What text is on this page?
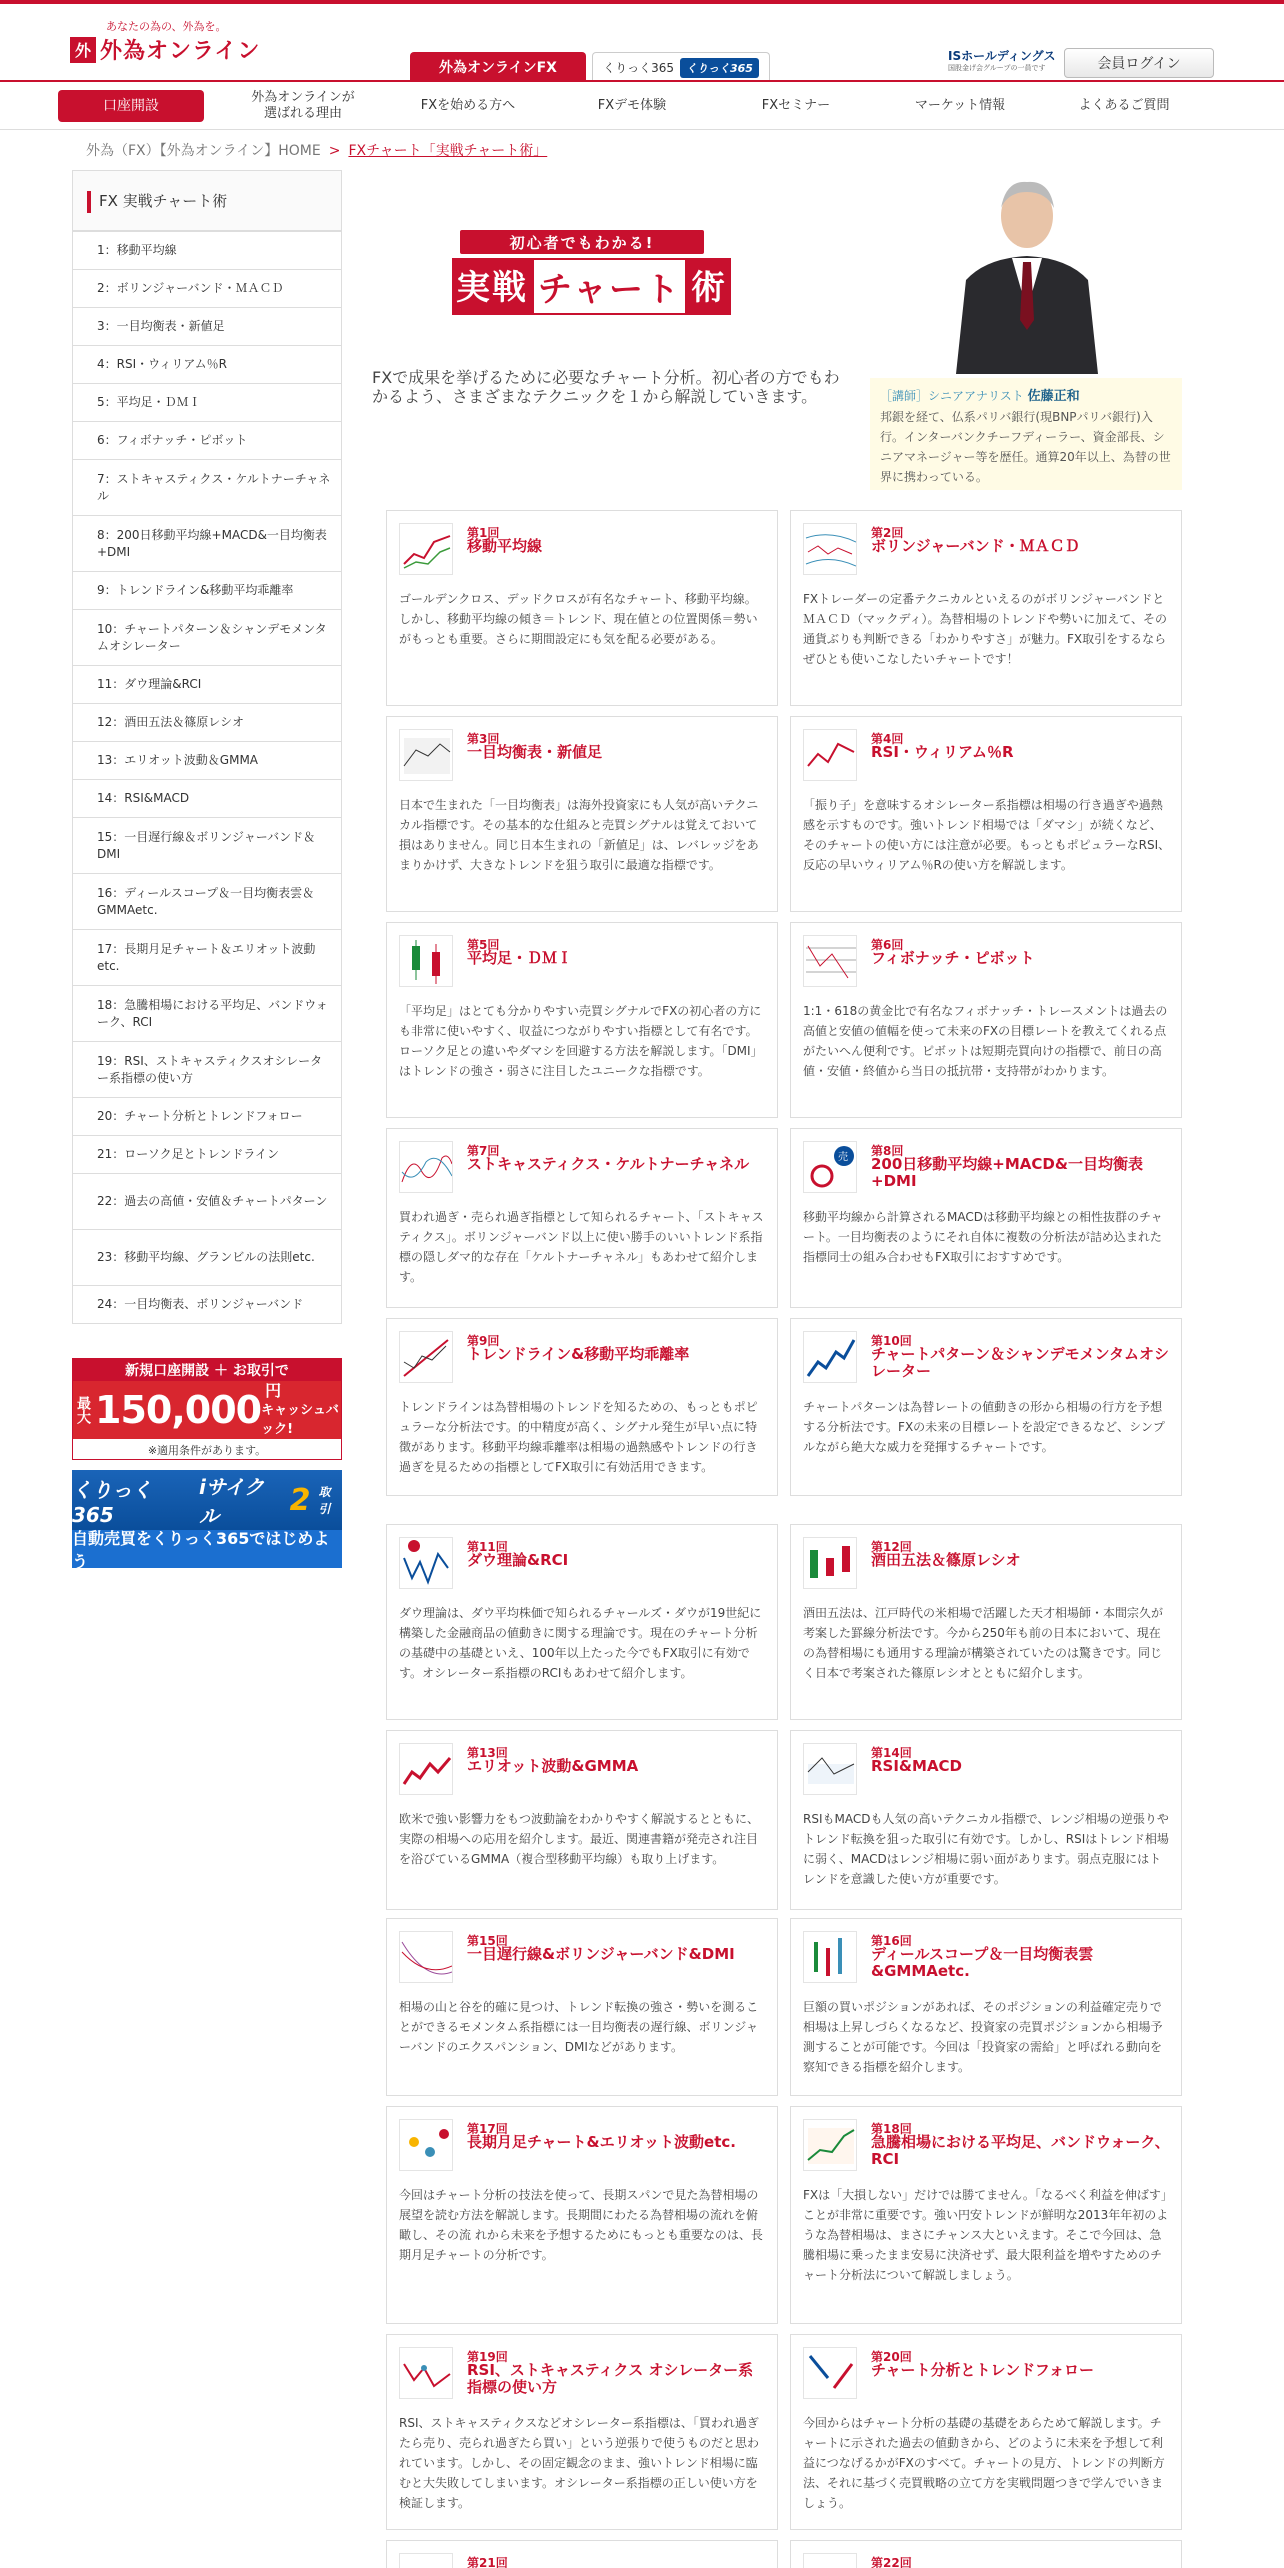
あなたの為の、外為を。
外 外為オンライン
外為オンラインFX	くりっく365	くりっく365
ISホールディングス
国股金げ会グループの一員です	会員ログイン
口座開設
外為オンラインが
選ばれる理由
FXを始める方へ	FXデモ体験	FXセミナー	マーケット情報	よくあるご質問
外為（FX）【外為オンライン】HOME > FXチャート「実戦チャート術」
FX 実戦チャート術
1：移動平均線
2：ボリンジャーバンド・ＭＡＣＤ
3：一目均衡表・新値足
4：RSI・ウィリアム％R
5：平均足・ＤＭＩ
6：フィボナッチ・ピボット
7：ストキャスティクス・ケルトナーチャネル
8：200日移動平均線+MACD&一目均衡表+DMI
9：トレンドライン&移動平均乖離率
10：チャートパターン＆シャンデモメンタムオシレーター
11：ダウ理論&RCI
12：酒田五法＆篠原レシオ
13：エリオット波動＆GMMA
14：RSI&MACD
15：一目遅行線＆ボリンジャーバンド＆DMI
16：ディールスコープ＆一目均衡表雲＆GMMAetc.
17：長期月足チャート＆エリオット波動etc.
18：急騰相場における平均足、バンドウォーク、RCI
19：RSI、ストキャスティクスオシレーター系指標の使い方
20：チャート分析とトレンドフォロー
21：ローソク足とトレンドライン
22：過去の高値・安値＆チャートパターン
23：移動平均線、グランビルの法則etc.
24：一目均衡表、ボリンジャーバンド
新規口座開設 ＋ お取引で
最大 150,000 円
キャッシュバック!
※適用条件があります。
くりっく365
iサイクル	2 取引
自動売買をくりっく365ではじめよう
初心者でもわかる!
実戦 チャート 術
FXで成果を挙げるために必要なチャート分析。初心者の方でもわかるよう、さまざまなテクニックを１から解説していきます。	［講師］シニアアナリスト 佐藤正和
邦銀を経て、仏系パリバ銀行(現BNPパリバ銀行)入行。インターバンクチーフディーラー、資金部長、シニアマネージャー等を歴任。通算20年以上、為替の世界に携わっている。
第1回
移動平均線
ゴールデンクロス、デッドクロスが有名なチャート、移動平均線。しかし、移動平均線の傾き＝トレンド、現在値との位置関係＝勢いがもっとも重要。さらに期間設定にも気を配る必要がある。
第2回
ボリンジャーバンド・ＭＡＣＤ
FXトレーダーの定番テクニカルといえるのがボリンジャーバンドとＭＡＣＤ（マックディ）。為替相場のトレンドや勢いに加えて、その通貨ぶりも判断できる「わかりやすさ」が魅力。FX取引をするならぜひとも使いこなしたいチャートです！
第3回
一目均衡表・新値足
日本で生まれた「一目均衡表」は海外投資家にも人気が高いテクニカル指標です。その基本的な仕組みと売買シグナルは覚えておいて損はありません。同じ日本生まれの「新値足」は、レバレッジをあまりかけず、大きなトレンドを狙う取引に最適な指標です。
第4回
RSI・ウィリアム％R
「振り子」を意味するオシレーター系指標は相場の行き過ぎや過熱感を示すものです。強いトレンド相場では「ダマシ」が続くなど、そのチャートの使い方には注意が必要。もっともポピュラーなRSI、反応の早いウィリアム％Rの使い方を解説します。
第5回
平均足・ＤＭＩ
「平均足」はとても分かりやすい売買シグナルでFXの初心者の方にも非常に使いやすく、収益につながりやすい指標として有名です。ローソク足との違いやダマシを回避する方法を解説します。「DMI」はトレンドの強さ・弱さに注目したユニークな指標です。
第6回
フィボナッチ・ピボット
1:1・618の黄金比で有名なフィボナッチ・トレースメントは過去の高値と安値の値幅を使って未来のFXの目標レートを教えてくれる点がたいへん便利です。ピボットは短期売買向けの指標で、前日の高値・安値・終値から当日の抵抗帯・支持帯がわかります。
第7回
ストキャスティクス・ケルトナーチャネル
買われ過ぎ・売られ過ぎ指標として知られるチャート、「ストキャスティクス」。ボリンジャーバンド以上に使い勝手のいいトレンド系指標の隠しダマ的な存在「ケルトナーチャネル」もあわせて紹介します。
売 第8回
200日移動平均線+MACD&一目均衡表+DMI
移動平均線から計算されるMACDは移動平均線との相性抜群のチャート。一目均衡表のようにそれ自体に複数の分析法が詰め込まれた指標同士の組み合わせもFX取引におすすめです。
第9回
トレンドライン&移動平均乖離率
トレンドラインは為替相場のトレンドを知るための、もっともポピュラーな分析法です。的中精度が高く、シグナル発生が早い点に特徴があります。移動平均線乖離率は相場の過熱感やトレンドの行き過ぎを見るための指標としてFX取引に有効活用できます。
第10回
チャートパターン＆シャンデモメンタムオシレーター
チャートパターンは為替レートの値動きの形から相場の行方を予想する分析法です。FXの未来の目標レートを設定できるなど、シンプルながら絶大な威力を発揮するチャートです。
第11回
ダウ理論&RCI
ダウ理論は、ダウ平均株価で知られるチャールズ・ダウが19世紀に構築した金融商品の値動きに関する理論です。現在のチャート分析の基礎中の基礎といえ、100年以上たった今でもFX取引に有効です。オシレーター系指標のRCIもあわせて紹介します。
第12回
酒田五法＆篠原レシオ
酒田五法は、江戸時代の米相場で活躍した天才相場師・本間宗久が考案した罫線分析法です。今から250年も前の日本において、現在の為替相場にも通用する理論が構築されていたのは驚きです。同じく日本で考案された篠原レシオとともに紹介します。
第13回
エリオット波動&GMMA
欧米で強い影響力をもつ波動論をわかりやすく解説するとともに、実際の相場への応用を紹介します。最近、関連書籍が発売され注目を浴びているGMMA（複合型移動平均線）も取り上げます。
第14回
RSI&MACD
RSIもMACDも人気の高いテクニカル指標で、レンジ相場の逆張りやトレンド転換を狙った取引に有効です。しかし、RSIはトレンド相場に弱く、MACDはレンジ相場に弱い面があります。弱点克服にはトレンドを意識した使い方が重要です。
第15回
一目遅行線&ボリンジャーバンド&DMI
相場の山と谷を的確に見つけ、トレンド転換の強さ・勢いを測ることができるモメンタム系指標には一目均衡表の遅行線、ボリンジャーバンドのエクスパンション、DMIなどがあります。
第16回
ディールスコープ＆一目均衡表雲&GMMAetc.
巨額の買いポジションがあれば、そのポジションの利益確定売りで相場は上昇しづらくなるなど、投資家の売買ポジションから相場予測することが可能です。今回は「投資家の需給」と呼ばれる動向を察知できる指標を紹介します。
第17回
長期月足チャート&エリオット波動etc.
今回はチャート分析の技法を使って、長期スパンで見た為替相場の展望を読む方法を解説します。長期間にわたる為替相場の流れを俯瞰し、その流 れから未来を予想するためにもっとも重要なのは、長期月足チャートの分析です。
第18回
急騰相場における平均足、バンドウォーク、RCI
FXは「大損しない」だけでは勝てません。「なるべく利益を伸ばす」ことが非常に重要です。強い円安トレンドが鮮明な2013年年初のような為替相場は、まさにチャンス大といえます。そこで今回は、急騰相場に乗ったまま安易に決済せず、最大限利益を増やすためのチャート分析法について解説しましょう。
第19回
RSI、ストキャスティクス オシレーター系指標の使い方
RSI、ストキャスティクスなどオシレーター系指標は、「買われ過ぎたら売り、売られ過ぎたら買い」という逆張りで使うものだと思われています。しかし、その固定観念のまま、強いトレンド相場に臨むと大失敗してしまいます。オシレーター系指標の正しい使い方を検証します。
第20回
チャート分析とトレンドフォロー
今回からはチャート分析の基礎の基礎をあらためて解説します。チャートに示された過去の値動きから、どのように未来を予想して利益につなげるかがFXのすべて。チャートの見方、トレンドの判断方法、それに基づく売買戦略の立て方を実戦問題つきで学んでいきましょう。
第21回	第22回
